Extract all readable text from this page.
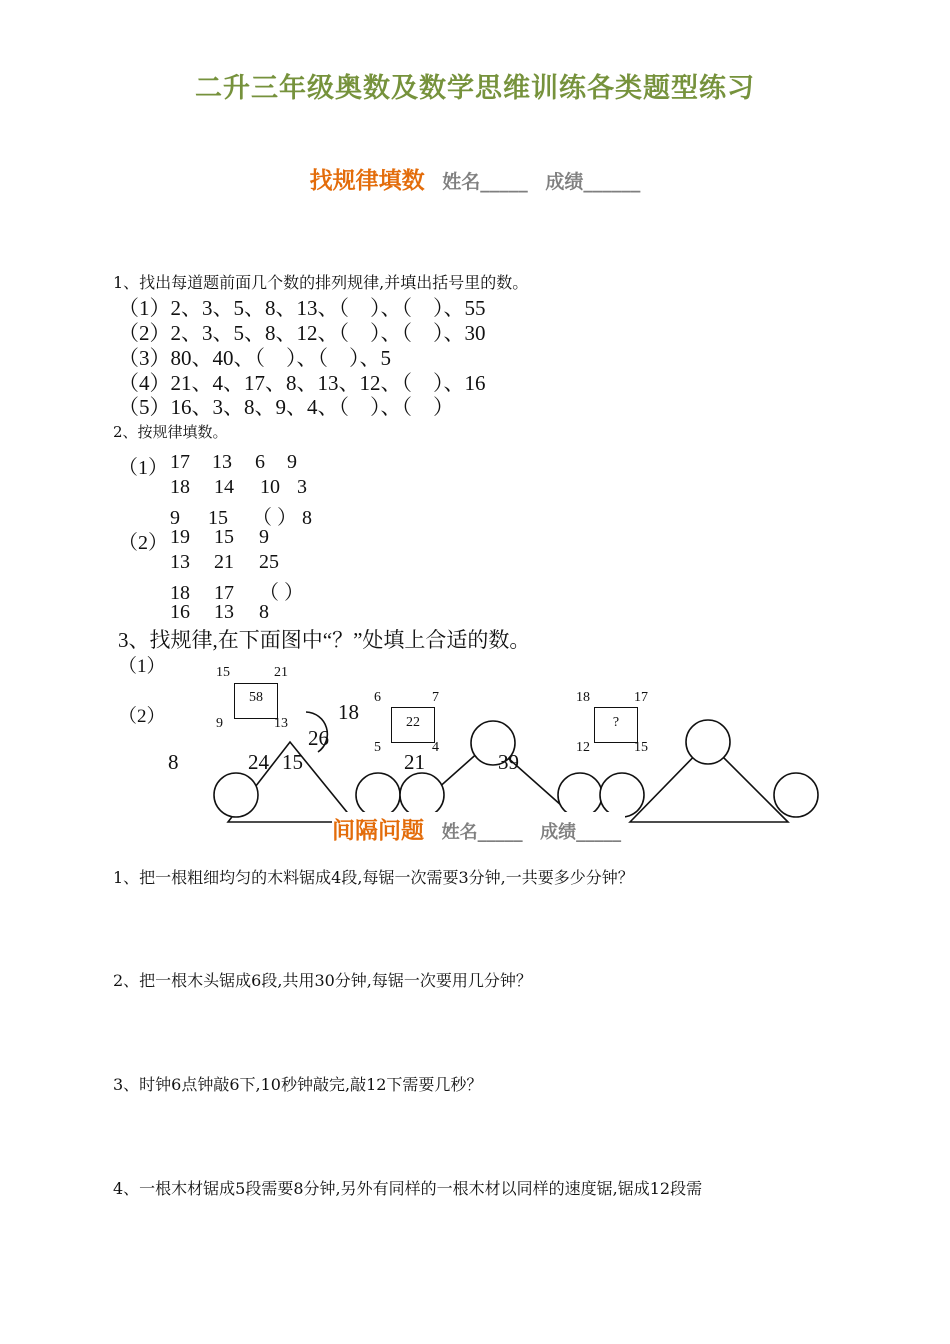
二升三年级奥数及数学思维训练各类题型练习
找规律填数 姓名_____ 成绩______
1、找出每道题前面几个数的排列规律,并填出括号里的数。
（1）2、3、5、8、13、（　）、（　）、55
（2）2、3、5、8、12、（　）、（　）、30
（3）80、40、（　）、（　）、5
（4）21、4、17、8、13、12、（　）、16
（5）16、3、8、9、4、（　）、（　）
2、按规律填数。
（1） 17 13 6 9
18 14 10 3
9 15 （ ） 8
（2） 19 15 9
13 21 25
18 17 （ ）
16 13 8
3、找规律,在下面图中“？”处填上合适的数。
（1）
（2）
15	21
58
9	13
6	7
22
5	4
18	17
?
12	15
18
26
8	24 15	21	39
间隔问题 姓名_____ 成绩_____
1、把一根粗细均匀的木料锯成4段,每锯一次需要3分钟,一共要多少分钟？
2、把一根木头锯成6段,共用30分钟,每锯一次要用几分钟？
3、时钟6点钟敲6下,10秒钟敲完,敲12下需要几秒？
4、一根木材锯成5段需要8分钟,另外有同样的一根木材以同样的速度锯,锯成12段需
